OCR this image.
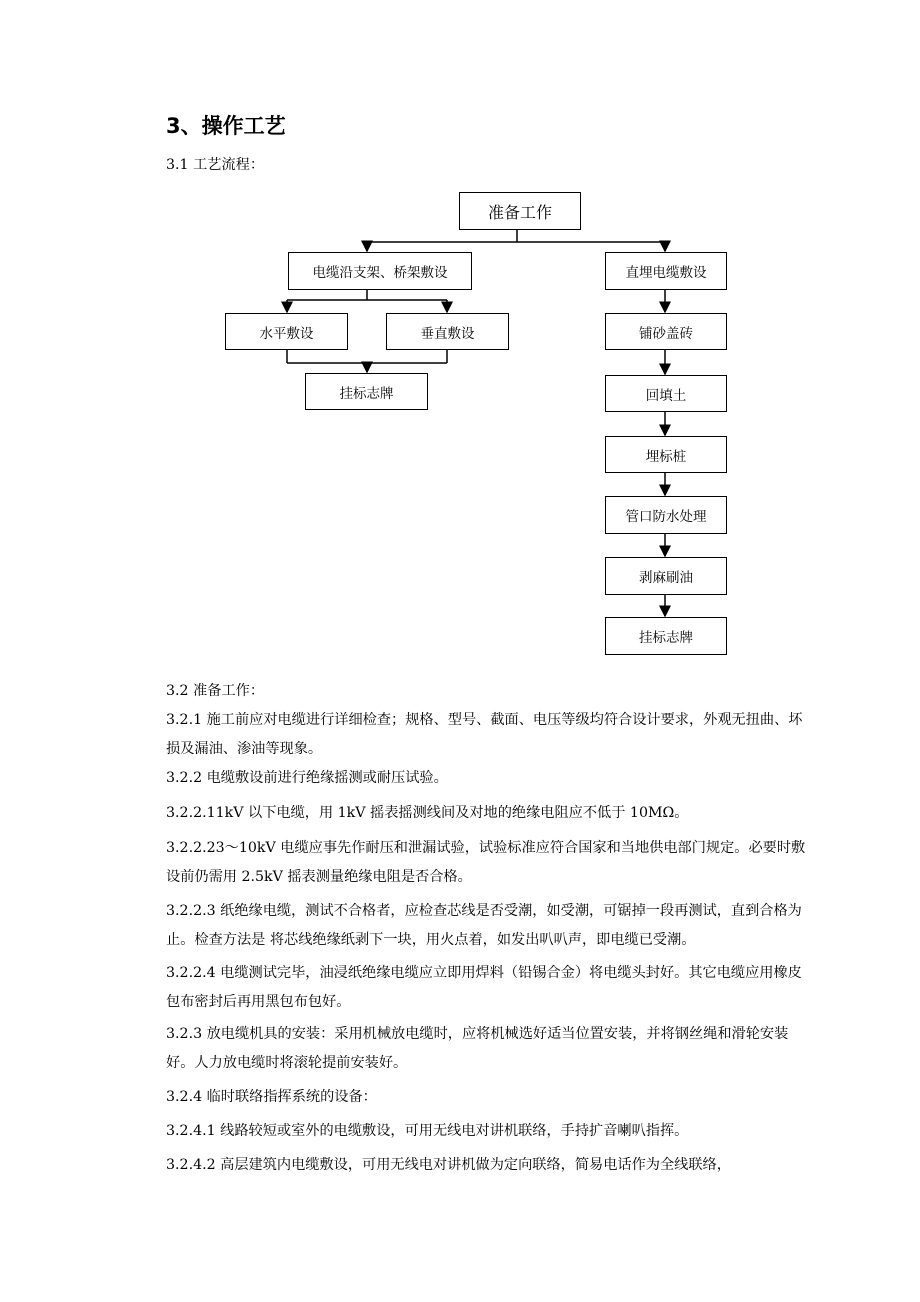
3、操作工艺
3.1 工艺流程：
准备工作
电缆沿支架、桥架敷设
水平敷设	垂直敷设
挂标志牌
直埋电缆敷设
铺砂盖砖
回填土
埋标桩
管口防水处理
剥麻刷油
挂标志牌
3.2 准备工作：
3.2.1 施工前应对电缆进行详细检查；规格、型号、截面、电压等级均符合设计要求，外观无扭曲、坏损及漏油、渗油等现象。
3.2.2 电缆敷设前进行绝缘摇测或耐压试验。
3.2.2.11kV 以下电缆，用 1kV 摇表摇测线间及对地的绝缘电阻应不低于 10MΩ。
3.2.2.23～10kV 电缆应事先作耐压和泄漏试验，试验标准应符合国家和当地供电部门规定。必要时敷设前仍需用 2.5kV 摇表测量绝缘电阻是否合格。
3.2.2.3 纸绝缘电缆，测试不合格者，应检查芯线是否受潮，如受潮，可锯掉一段再测试，直到合格为止。检查方法是 将芯线绝缘纸剥下一块，用火点着，如发出叭叭声，即电缆已受潮。
3.2.2.4 电缆测试完毕，油浸纸绝缘电缆应立即用焊料（铅锡合金）将电缆头封好。其它电缆应用橡皮包布密封后再用黑包布包好。
3.2.3 放电缆机具的安装：采用机械放电缆时，应将机械选好适当位置安装，并将钢丝绳和滑轮安装好。人力放电缆时将滚轮提前安装好。
3.2.4 临时联络指挥系统的设备：
3.2.4.1 线路较短或室外的电缆敷设，可用无线电对讲机联络，手持扩音喇叭指挥。
3.2.4.2 高层建筑内电缆敷设，可用无线电对讲机做为定向联络，简易电话作为全线联络，
